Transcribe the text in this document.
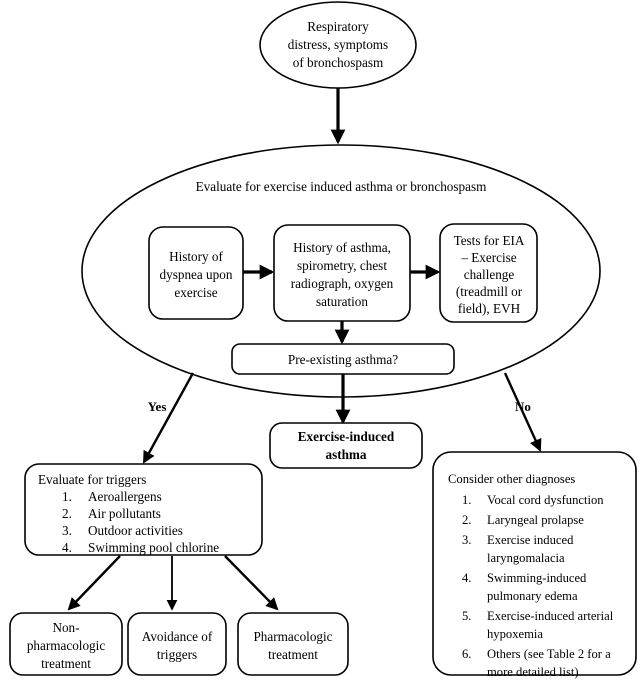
Respiratory
distress, symptoms
of bronchospasm
Evaluate for exercise induced asthma or bronchospasm
History of
dyspnea upon
exercise
History of asthma,
spirometry, chest
radiograph, oxygen
saturation
Tests for EIA
– Exercise
challenge
(treadmill or
field), EVH
Pre-existing asthma?
Yes	No
Exercise-induced
asthma
Evaluate for triggers
1. Aeroallergens
2. Air pollutants
3. Outdoor activities
4. Swimming pool chlorine
Non-
pharmacologic
treatment
Avoidance of
triggers
Pharmacologic
treatment
Consider other diagnoses
1. Vocal cord dysfunction
2. Laryngeal prolapse
3. Exercise induced
laryngomalacia
4. Swimming-induced
pulmonary edema
5. Exercise-induced arterial
hypoxemia
6. Others (see Table 2 for a
more detailed list)
